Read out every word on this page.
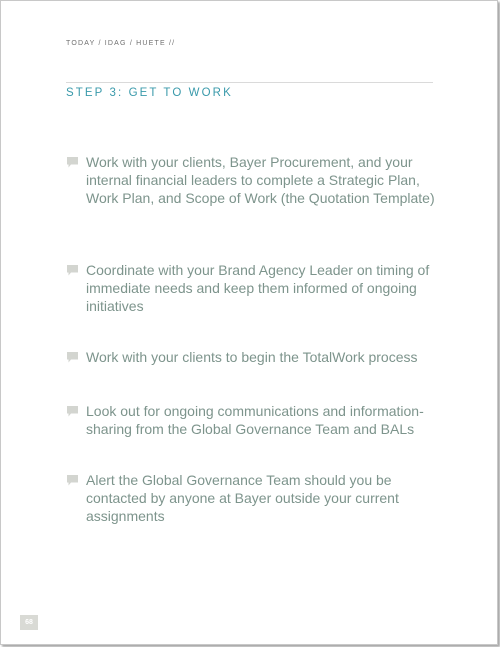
TODAY / IDAG / HUETE //
STEP 3: GET TO WORK
Work with your clients, Bayer Procurement, and your internal financial leaders to complete a Strategic Plan, Work Plan, and Scope of Work (the Quotation Template)
Coordinate with your Brand Agency Leader on timing of immediate needs and keep them informed of ongoing initiatives
Work with your clients to begin the TotalWork process
Look out for ongoing communications and information-sharing from the Global Governance Team and BALs
Alert the Global Governance Team should you be contacted by anyone at Bayer outside your current assignments
68
